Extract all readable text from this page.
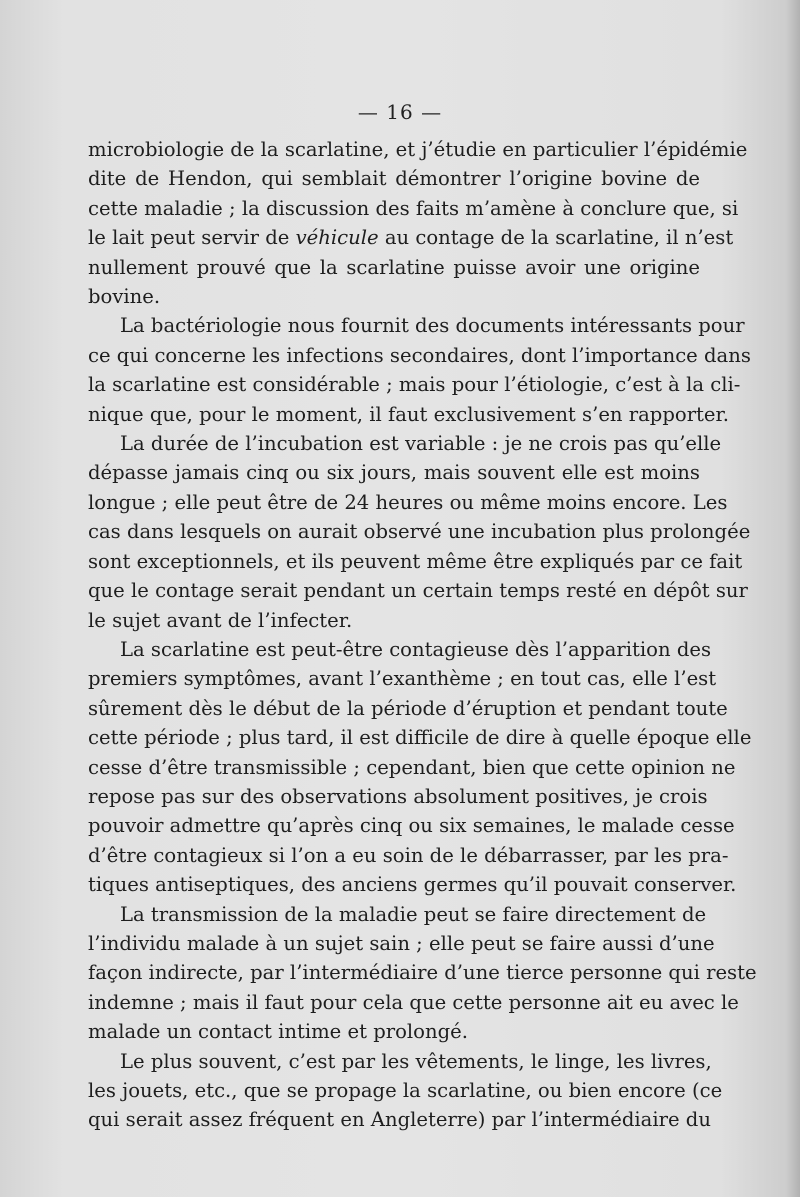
— 16 —
microbiologie de la scarlatine, et j’étudie en particulier l’épidémie
dite de Hendon, qui semblait démontrer l’origine bovine de
cette maladie ; la discussion des faits m’amène à conclure que, si
le lait peut servir de véhicule au contage de la scarlatine, il n’est
nullement prouvé que la scarlatine puisse avoir une origine
bovine.
La bactériologie nous fournit des documents intéressants pour
ce qui concerne les infections secondaires, dont l’importance dans
la scarlatine est considérable ; mais pour l’étiologie, c’est à la cli-
nique que, pour le moment, il faut exclusivement s’en rapporter.
La durée de l’incubation est variable : je ne crois pas qu’elle
dépasse jamais cinq ou six jours, mais souvent elle est moins
longue ; elle peut être de 24 heures ou même moins encore. Les
cas dans lesquels on aurait observé une incubation plus prolongée
sont exceptionnels, et ils peuvent même être expliqués par ce fait
que le contage serait pendant un certain temps resté en dépôt sur
le sujet avant de l’infecter.
La scarlatine est peut-être contagieuse dès l’apparition des
premiers symptômes, avant l’exanthème ; en tout cas, elle l’est
sûrement dès le début de la période d’éruption et pendant toute
cette période ; plus tard, il est difficile de dire à quelle époque elle
cesse d’être transmissible ; cependant, bien que cette opinion ne
repose pas sur des observations absolument positives, je crois
pouvoir admettre qu’après cinq ou six semaines, le malade cesse
d’être contagieux si l’on a eu soin de le débarrasser, par les pra-
tiques antiseptiques, des anciens germes qu’il pouvait conserver.
La transmission de la maladie peut se faire directement de
l’individu malade à un sujet sain ; elle peut se faire aussi d’une
façon indirecte, par l’intermédiaire d’une tierce personne qui reste
indemne ; mais il faut pour cela que cette personne ait eu avec le
malade un contact intime et prolongé.
Le plus souvent, c’est par les vêtements, le linge, les livres,
les jouets, etc., que se propage la scarlatine, ou bien encore (ce
qui serait assez fréquent en Angleterre) par l’intermédiaire du
